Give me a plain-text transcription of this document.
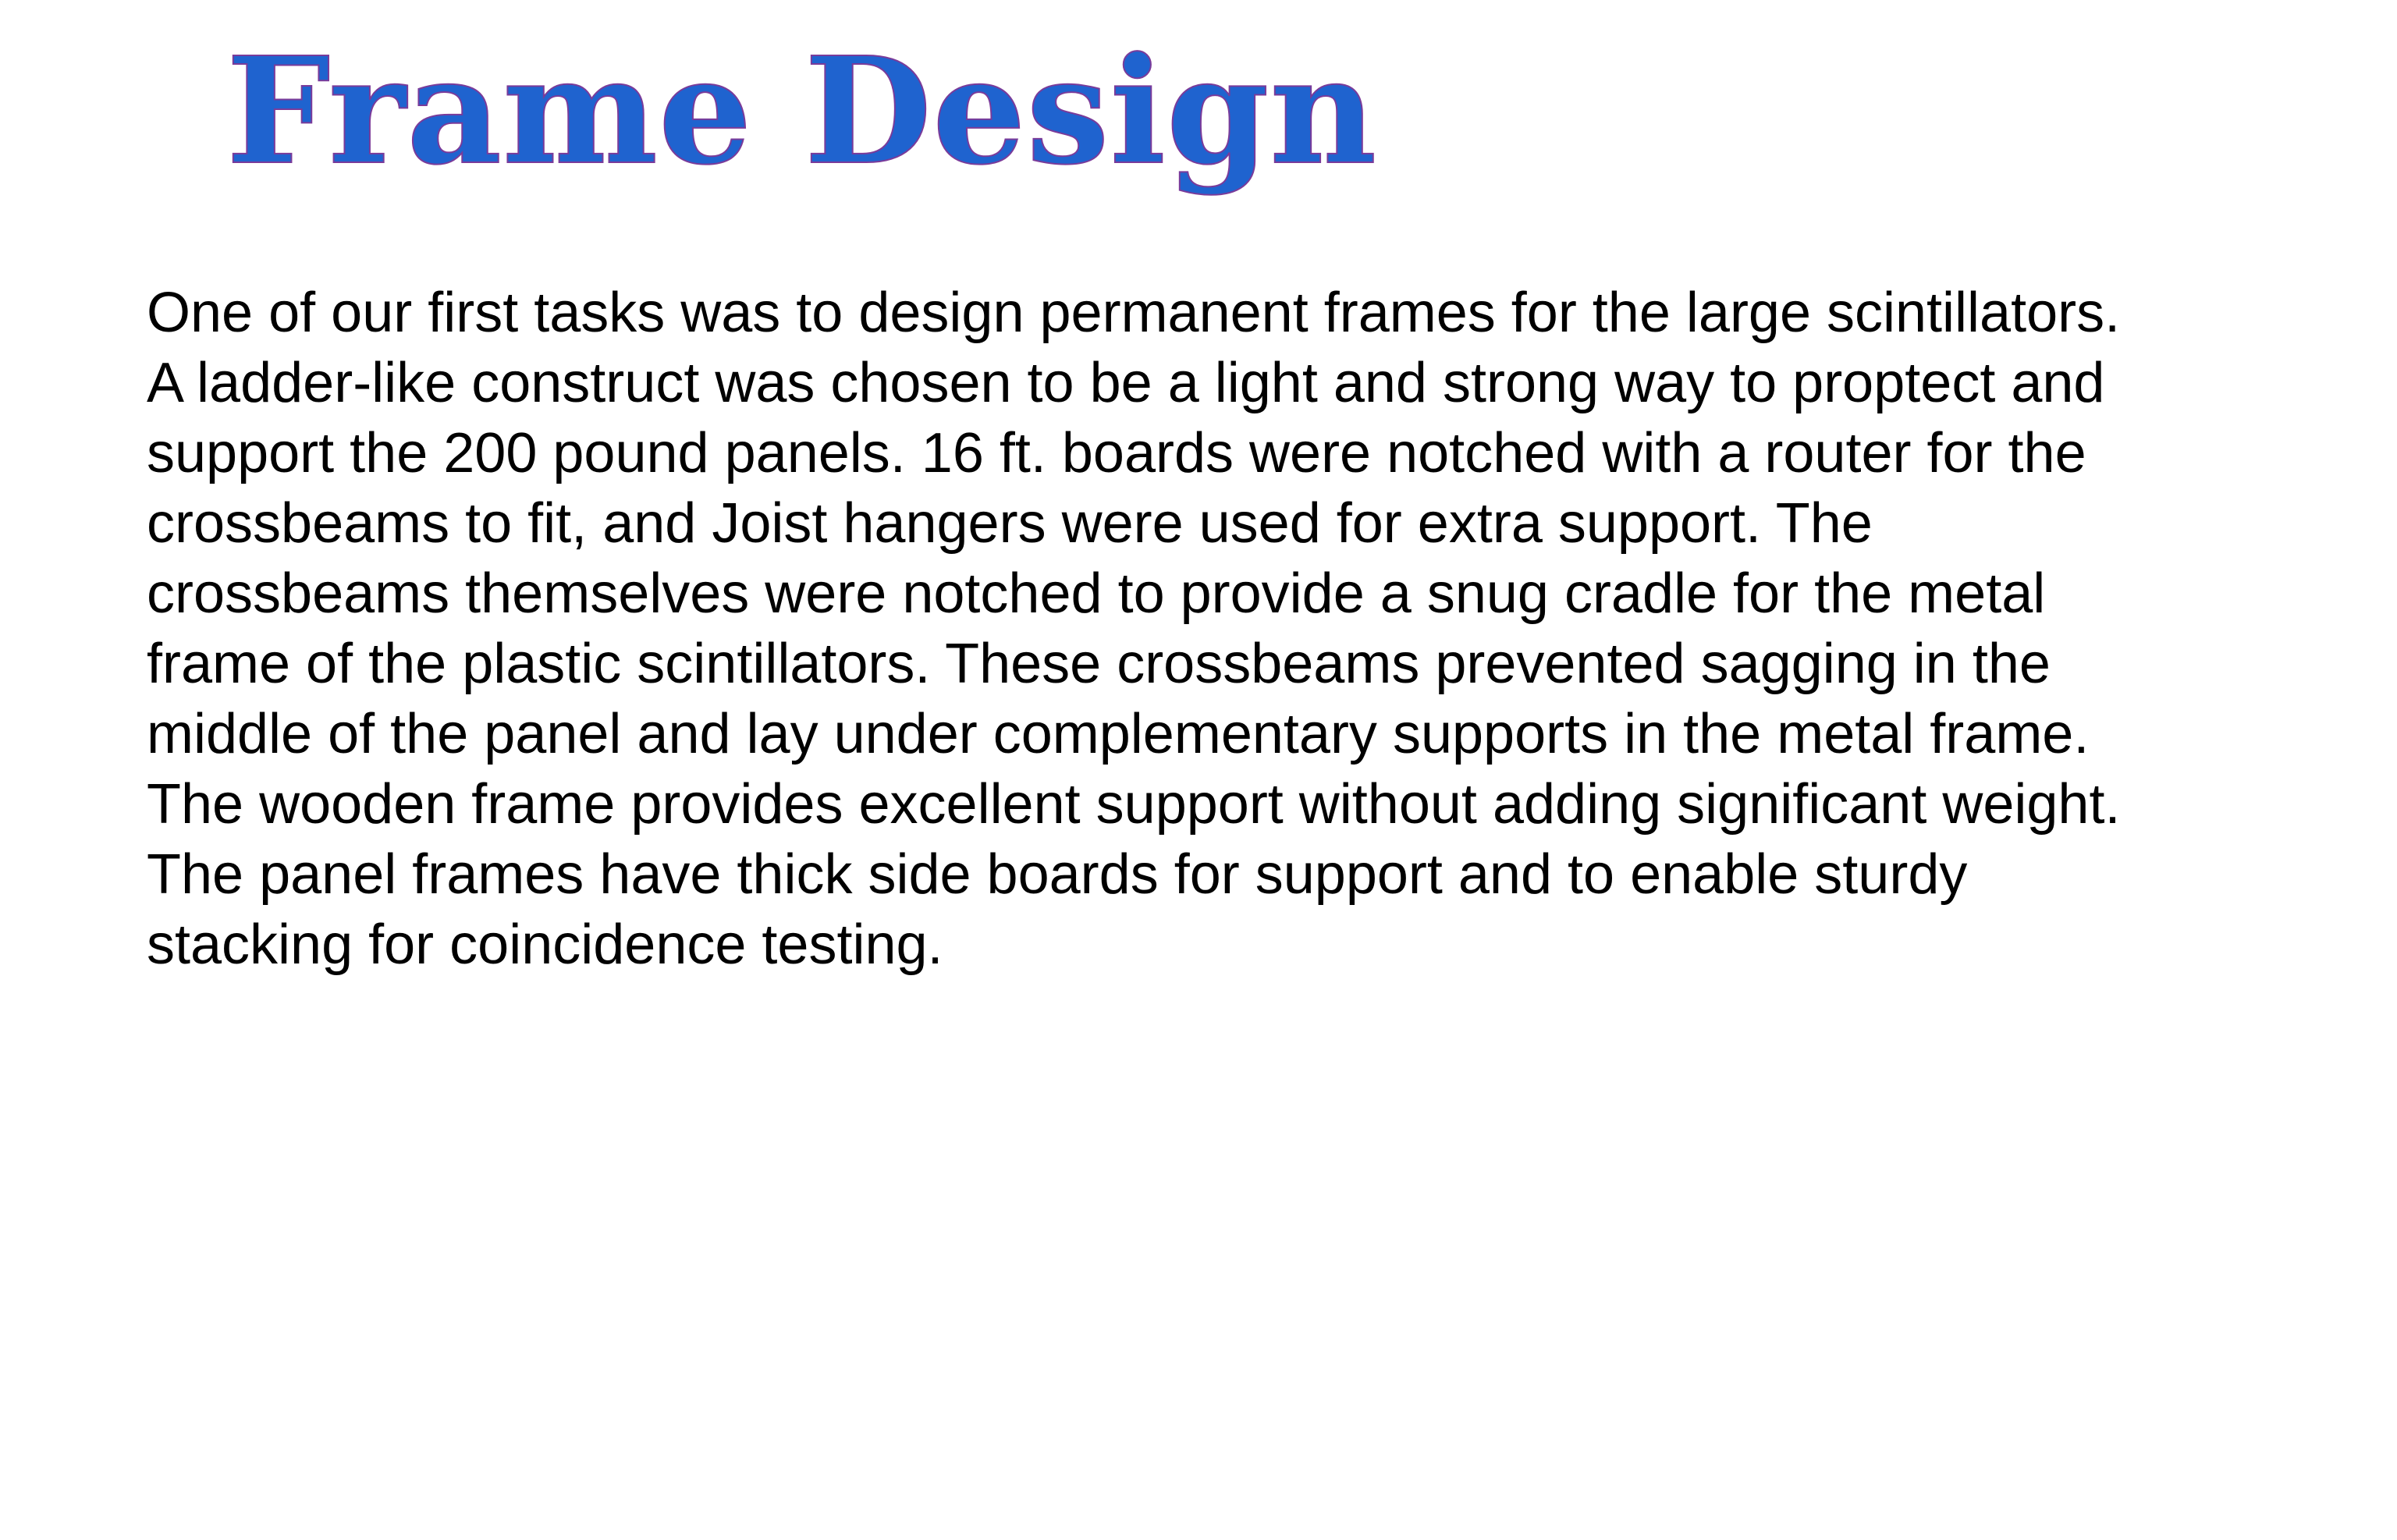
Frame Design

One of our first tasks was to design permanent frames for the large scintillators.
A ladder-like construct was chosen to be a light and strong way to proptect and
support the 200 pound panels. 16 ft. boards were notched with a router for the
crossbeams to fit, and Joist hangers were used for extra support. The
crossbeams themselves were notched to provide a snug cradle for the metal
frame of the plastic scintillators. These crossbeams prevented sagging in the
middle of the panel and lay under complementary supports in the metal frame.
The wooden frame provides excellent support without adding significant weight.
The panel frames have thick side boards for support and to enable sturdy
stacking for coincidence testing.
